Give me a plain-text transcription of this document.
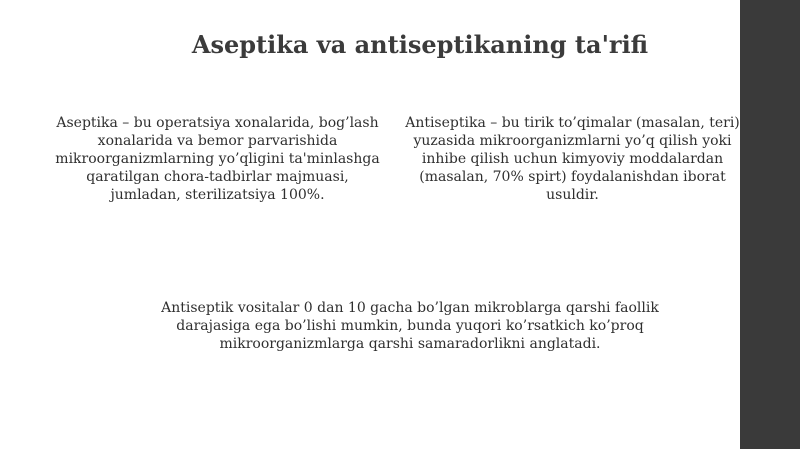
Aseptika va antiseptikaning ta'rifi
Aseptika – bu operatsiya xonalarida, bog’lash xonalarida va bemor parvarishida mikroorganizmlarning yo’qligini ta'minlashga qaratilgan chora-tadbirlar majmuasi, jumladan, sterilizatsiya 100%.
Antiseptika – bu tirik to’qimalar (masalan, teri) yuzasida mikroorganizmlarni yo’q qilish yoki inhibe qilish uchun kimyoviy moddalardan (masalan, 70% spirt) foydalanishdan iborat usuldir.
Antiseptik vositalar 0 dan 10 gacha bo’lgan mikroblarga qarshi faollik darajasiga ega bo’lishi mumkin, bunda yuqori ko’rsatkich ko’proq mikroorganizmlarga qarshi samaradorlikni anglatadi.
